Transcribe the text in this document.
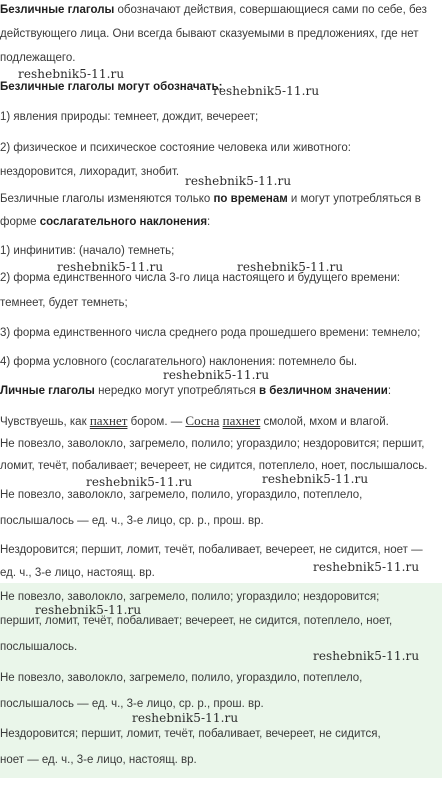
Безличные глаголы обозначают действия, совершающиеся сами по себе, без
действующего лица. Они всегда бывают сказуемыми в предложениях, где нет
подлежащего.
reshebnik5-11.ru
Безличные глаголы могут обозначать:
reshebnik5-11.ru
1) явления природы: темнеет, дождит, вечереет;
2) физическое и психическое состояние человека или животного:
нездоровится, лихорадит, знобит.
reshebnik5-11.ru
Безличные глаголы изменяются только по временам и могут употребляться в
форме сослагательного наклонения:
1) инфинитив: (начало) темнеть;
reshebnik5-11.ru	reshebnik5-11.ru
2) форма единственного числа 3-го лица настоящего и будущего времени:
темнеет, будет темнеть;
3) форма единственного числа среднего рода прошедшего времени: темнело;
4) форма условного (сослагательного) наклонения: потемнело бы.
reshebnik5-11.ru
Личные глаголы нередко могут употребляться в безличном значении:
Чувствуешь, как пахнет бором. — Сосна пахнет смолой, мхом и влагой.
Не повезло, заволокло, загремело, полило; угораздило; нездоровится; першит,
ломит, течёт, побаливает; вечереет, не сидится, потеплело, ноет, послышалось.
reshebnik5-11.ru	reshebnik5-11.ru
Не повезло, заволокло, загремело, полило, угораздило, потеплело,
послышалось — ед. ч., 3-е лицо, ср. р., прош. вр.
Нездоровится; першит, ломит, течёт, побаливает, вечереет, не сидится, ноет —
reshebnik5-11.ru
ед. ч., 3-е лицо, настоящ. вр.
Не повезло, заволокло, загремело, полило; угораздило; нездоровится;
reshebnik5-11.ru
першит, ломит, течёт, побаливает; вечереет, не сидится, потеплело, ноет,
послышалось.
reshebnik5-11.ru
Не повезло, заволокло, загремело, полило, угораздило, потеплело,
послышалось — ед. ч., 3-е лицо, ср. р., прош. вр.
reshebnik5-11.ru
Нездоровится; першит, ломит, течёт, побаливает, вечереет, не сидится,
ноет — ед. ч., 3-е лицо, настоящ. вр.
